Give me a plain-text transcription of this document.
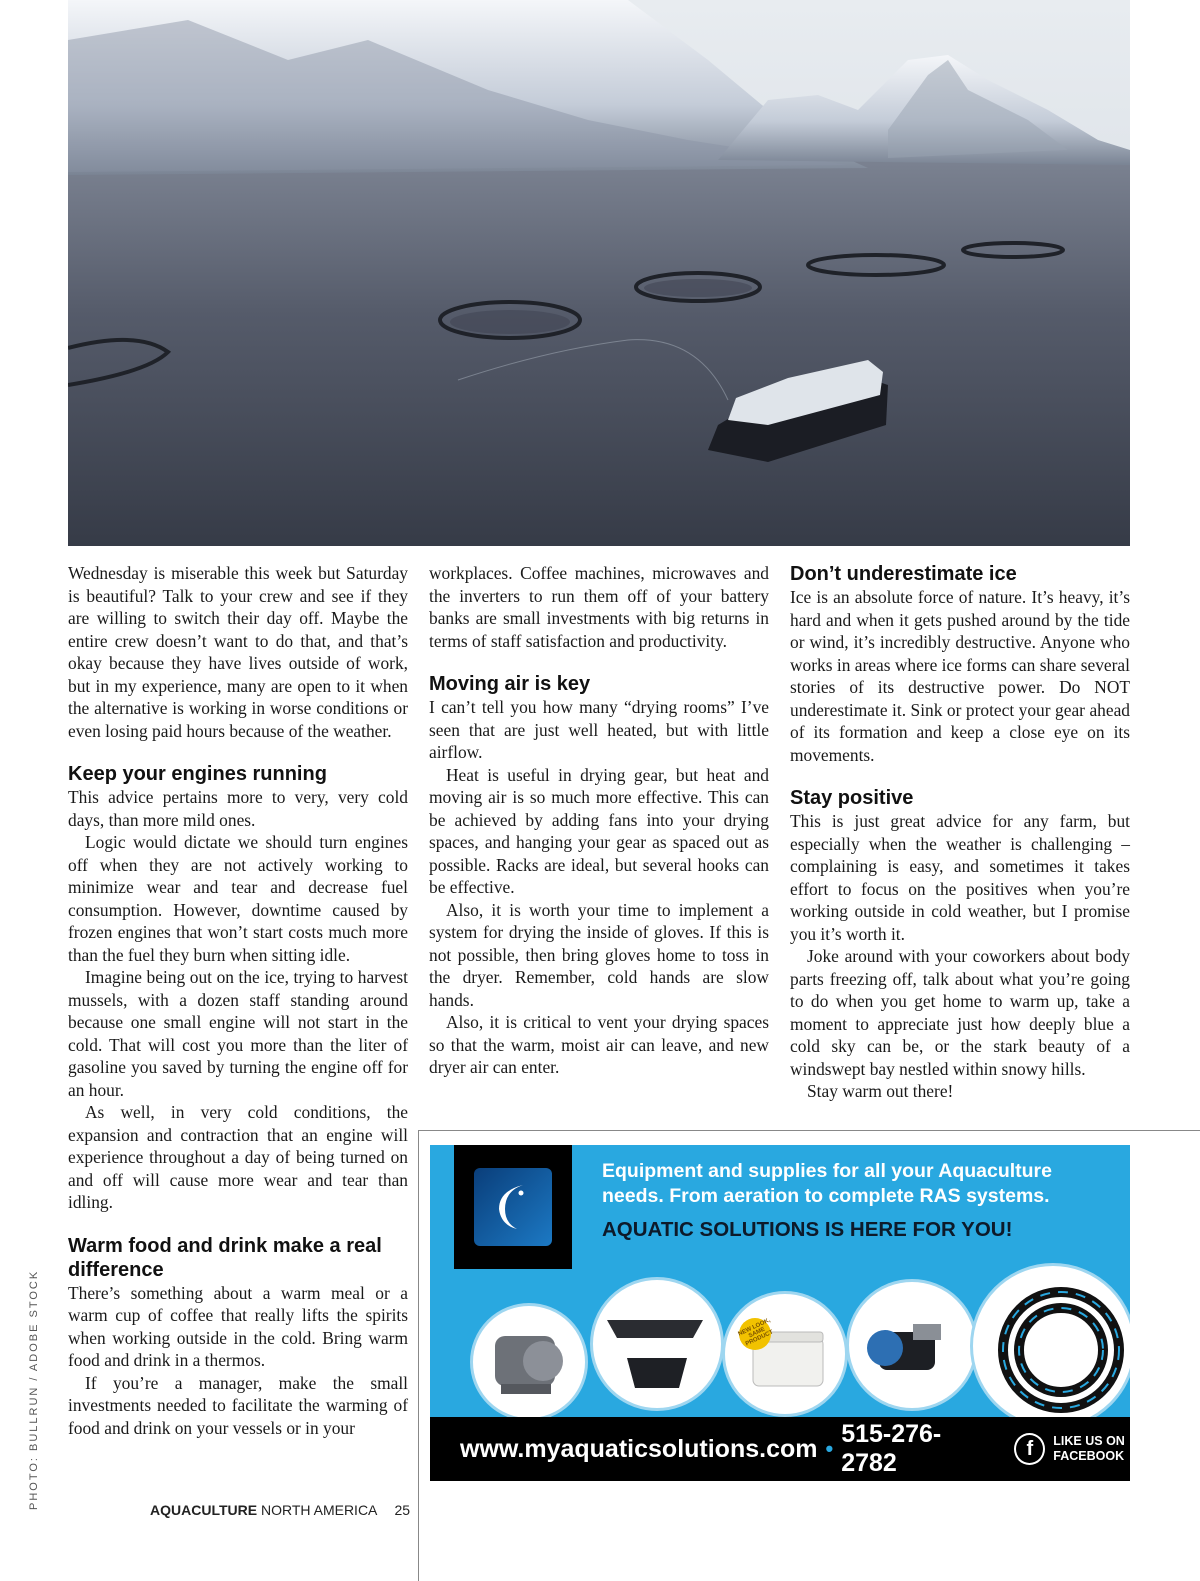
PHOTO: BULLRUN / ADOBE STOCK

Wednesday is miserable this week but Saturday is beautiful? Talk to your crew and see if they are willing to switch their day off. Maybe the entire crew doesn’t want to do that, and that’s okay because they have lives outside of work, but in my experience, many are open to it when the alternative is working in worse conditions or even losing paid hours because of the weather.

Keep your engines running

This advice pertains more to very, very cold days, than more mild ones.

Logic would dictate we should turn engines off when they are not actively working to minimize wear and tear and decrease fuel consumption. However, downtime caused by frozen engines that won’t start costs much more than the fuel they burn when sitting idle.

Imagine being out on the ice, trying to harvest mussels, with a dozen staff standing around because one small engine will not start in the cold. That will cost you more than the liter of gasoline you saved by turning the engine off for an hour.

As well, in very cold conditions, the expansion and contraction that an engine will experience throughout a day of being turned on and off will cause more wear and tear than idling.

Warm food and drink make a real difference

There’s something about a warm meal or a warm cup of coffee that really lifts the spirits when working outside in the cold. Bring warm food and drink in a thermos.

If you’re a manager, make the small investments needed to facilitate the warming of food and drink on your vessels or in your

workplaces. Coffee machines, microwaves and the inverters to run them off of your battery banks are small investments with big returns in terms of staff satisfaction and productivity.

Moving air is key

I can’t tell you how many “drying rooms” I’ve seen that are just well heated, but with little airflow.

Heat is useful in drying gear, but heat and moving air is so much more effective. This can be achieved by adding fans into your drying spaces, and hanging your gear as spaced out as possible. Racks are ideal, but several hooks can be effective.

Also, it is worth your time to implement a system for drying the inside of gloves. If this is not possible, then bring gloves home to toss in the dryer. Remember, cold hands are slow hands.

Also, it is critical to vent your drying spaces so that the warm, moist air can leave, and new dryer air can enter.

Don’t underestimate ice

Ice is an absolute force of nature. It’s heavy, it’s hard and when it gets pushed around by the tide or wind, it’s incredibly destructive. Anyone who works in areas where ice forms can share several stories of its destructive power. Do NOT underestimate it. Sink or protect your gear ahead of its formation and keep a close eye on its movements.

Stay positive

This is just great advice for any farm, but especially when the weather is challenging – complaining is easy, and sometimes it takes effort to focus on the positives when you’re working outside in cold weather, but I promise you it’s worth it.

Joke around with your coworkers about body parts freezing off, talk about what you’re going to do when you get home to warm up, take a moment to appreciate just how deeply blue a cold sky can be, or the stark beauty of a windswept bay nestled within snowy hills.

Stay warm out there!

Equipment and supplies for all your Aquaculture
needs. From aeration to complete RAS systems.
AQUATIC SOLUTIONS IS HERE FOR YOU!
NEW LOOK, SAME PRODUCT
www.myaquaticsolutions.com •
515-276-2782
f	LIKE US ON
FACEBOOK
AQUACULTURE NORTH AMERICA 25
